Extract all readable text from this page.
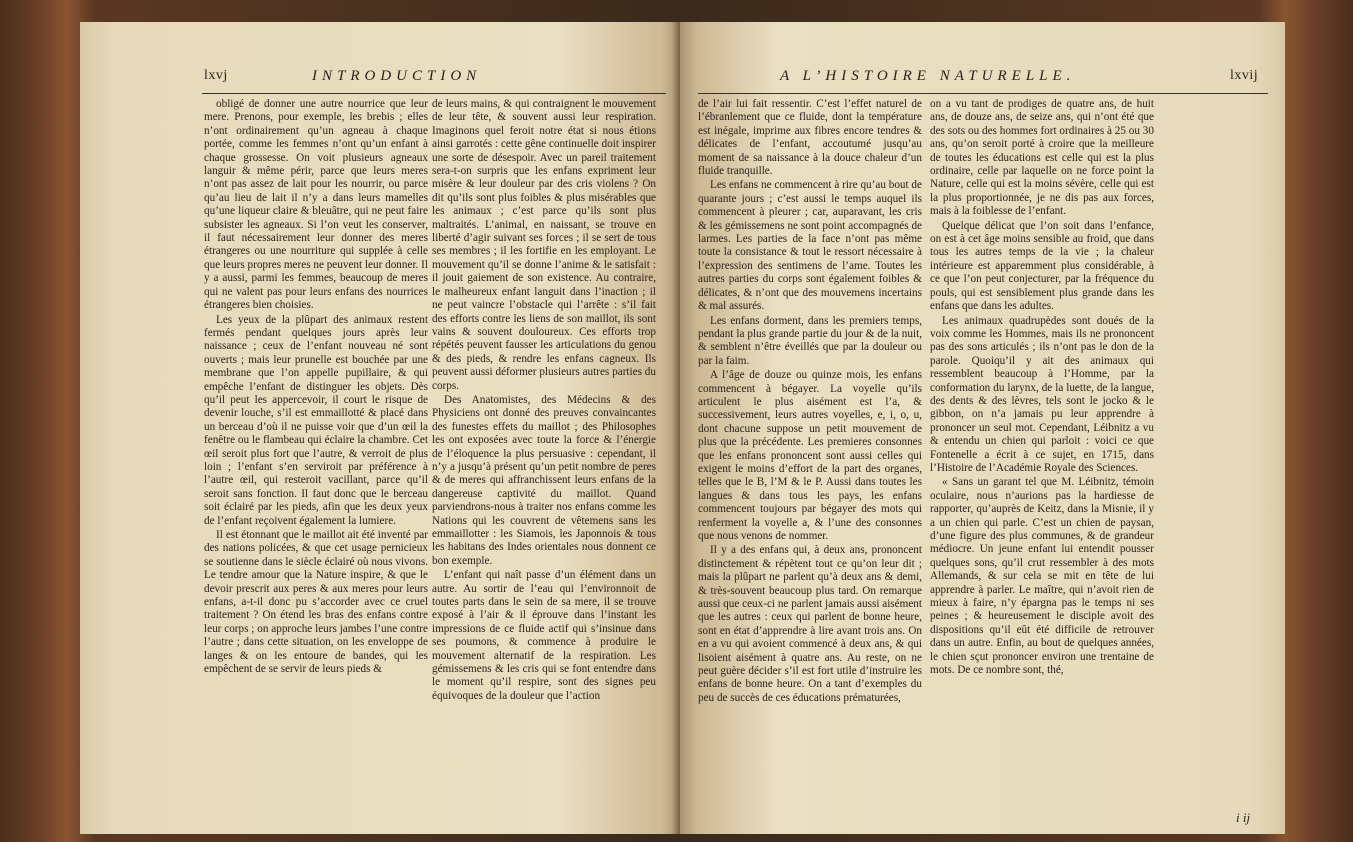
lxvj	INTRODUCTION

obligé de donner une autre nourrice que leur mere. Prenons, pour exemple, les brebis ; elles n’ont ordinairement qu’un agneau à chaque portée, comme les femmes n’ont qu’un enfant à chaque grossesse. On voit plusieurs agneaux languir & même périr, parce que leurs meres n’ont pas assez de lait pour les nourrir, ou parce qu’au lieu de lait il n’y a dans leurs mamelles qu’une liqueur claire & bleuâtre, qui ne peut faire subsister les agneaux. Si l’on veut les conserver, il faut nécessairement leur donner des meres étrangeres ou une nourriture qui supplée à celle que leurs propres meres ne peuvent leur donner. Il y a aussi, parmi les femmes, beaucoup de meres qui ne valent pas pour leurs enfans des nourrices étrangeres bien choisies.

Les yeux de la plûpart des animaux restent fermés pendant quelques jours après leur naissance ; ceux de l’enfant nouveau né sont ouverts ; mais leur prunelle est bouchée par une membrane que l’on appelle pupillaire, & qui empêche l’enfant de distinguer les objets. Dès qu’il peut les appercevoir, il court le risque de devenir louche, s’il est emmaillotté & placé dans un berceau d’où il ne puisse voir que d’un œil la fenêtre ou le flambeau qui éclaire la chambre. Cet œil seroit plus fort que l’autre, & verroit de plus loin ; l’enfant s’en serviroit par préférence à l’autre œil, qui resteroit vacillant, parce qu’il seroit sans fonction. Il faut donc que le berceau soit éclairé par les pieds, afin que les deux yeux de l’enfant reçoivent également la lumiere.

Il est étonnant que le maillot ait été inventé par des nations policées, & que cet usage pernicieux se soutienne dans le siècle éclairé où nous vivons. Le tendre amour que la Nature inspire, & que le devoir prescrit aux peres & aux meres pour leurs enfans, a-t-il donc pu s’accorder avec ce cruel traitement ? On étend les bras des enfans contre leur corps ; on approche leurs jambes l’une contre l’autre ; dans cette situation, on les enveloppe de langes & on les entoure de bandes, qui les empêchent de se servir de leurs pieds &

de leurs mains, & qui contraignent le mouvement de leur tête, & souvent aussi leur respiration. Imaginons quel feroit notre état si nous étions ainsi garrotés : cette gêne continuelle doit inspirer une sorte de désespoir. Avec un pareil traitement sera-t-on surpris que les enfans expriment leur misère & leur douleur par des cris violens ? On dit qu’ils sont plus foibles & plus misérables que les animaux ; c’est parce qu’ils sont plus maltraités. L’animal, en naissant, se trouve en liberté d’agir suivant ses forces ; il se sert de tous ses membres ; il les fortifie en les employant. Le mouvement qu’il se donne l’anime & le satisfait : il jouit gaiement de son existence. Au contraire, le malheureux enfant languit dans l’inaction ; il ne peut vaincre l’obstacle qui l’arrête : s’il fait des efforts contre les liens de son maillot, ils sont vains & souvent douloureux. Ces efforts trop répétés peuvent fausser les articulations du genou & des pieds, & rendre les enfans cagneux. Ils peuvent aussi déformer plusieurs autres parties du corps.

Des Anatomistes, des Médecins & des Physiciens ont donné des preuves convaincantes des funestes effets du maillot ; des Philosophes les ont exposées avec toute la force & l’énergie de l’éloquence la plus persuasive : cependant, il n’y a jusqu’à présent qu’un petit nombre de peres & de meres qui affranchissent leurs enfans de la dangereuse captivité du maillot. Quand parviendrons-nous à traiter nos enfans comme les Nations qui les couvrent de vêtemens sans les emmaillotter : les Siamois, les Japonnois & tous les habitans des Indes orientales nous donnent ce bon exemple.

L’enfant qui naît passe d’un élément dans un autre. Au sortir de l’eau qui l’environnoit de toutes parts dans le sein de sa mere, il se trouve exposé à l’air & il éprouve dans l’instant les impressions de ce fluide actif qui s’insinue dans ses poumons, & commence à produire le mouvement alternatif de la respiration. Les gémissemens & les cris qui se font entendre dans le moment qu’il respire, sont des signes peu équivoques de la douleur que l’action

A L’HISTOIRE NATURELLE.	lxvij

de l’air lui fait ressentir. C’est l’effet naturel de l’ébranlement que ce fluide, dont la température est inégale, imprime aux fibres encore tendres & délicates de l’enfant, accoutumé jusqu’au moment de sa naissance à la douce chaleur d’un fluide tranquille.

Les enfans ne commencent à rire qu’au bout de quarante jours ; c’est aussi le temps auquel ils commencent à pleurer ; car, auparavant, les cris & les gémissemens ne sont point accompagnés de larmes. Les parties de la face n’ont pas même toute la consistance & tout le ressort nécessaire à l’expression des sentimens de l’ame. Toutes les autres parties du corps sont également foibles & délicates, & n’ont que des mouvemens incertains & mal assurés.

Les enfans dorment, dans les premiers temps, pendant la plus grande partie du jour & de la nuit, & semblent n’être éveillés que par la douleur ou par la faim.

A l’âge de douze ou quinze mois, les enfans commencent à bégayer. La voyelle qu’ils articulent le plus aisément est l’a, & successivement, leurs autres voyelles, e, i, o, u, dont chacune suppose un petit mouvement de plus que la précédente. Les premieres consonnes que les enfans prononcent sont aussi celles qui exigent le moins d’effort de la part des organes, telles que le B, l’M & le P. Aussi dans toutes les langues & dans tous les pays, les enfans commencent toujours par bégayer des mots qui renferment la voyelle a, & l’une des consonnes que nous venons de nommer.

Il y a des enfans qui, à deux ans, prononcent distinctement & répètent tout ce qu’on leur dit ; mais la plûpart ne parlent qu’à deux ans & demi, & très-souvent beaucoup plus tard. On remarque aussi que ceux-ci ne parlent jamais aussi aisément que les autres : ceux qui parlent de bonne heure, sont en état d’apprendre à lire avant trois ans. On en a vu qui avoient commencé à deux ans, & qui lisoient aisément à quatre ans. Au reste, on ne peut guère décider s’il est fort utile d’instruire les enfans de bonne heure. On a tant d’exemples du peu de succès de ces éducations prématurées,

on a vu tant de prodiges de quatre ans, de huit ans, de douze ans, de seize ans, qui n’ont été que des sots ou des hommes fort ordinaires à 25 ou 30 ans, qu’on seroit porté à croire que la meilleure de toutes les éducations est celle qui est la plus ordinaire, celle par laquelle on ne force point la Nature, celle qui est la moins sévère, celle qui est la plus proportionnée, je ne dis pas aux forces, mais à la foiblesse de l’enfant.

Quelque délicat que l’on soit dans l’enfance, on est à cet âge moins sensible au froid, que dans tous les autres temps de la vie ; la chaleur intérieure est apparemment plus considérable, à ce que l’on peut conjecturer, par la fréquence du pouls, qui est sensiblement plus grande dans les enfans que dans les adultes.

Les animaux quadrupèdes sont doués de la voix comme les Hommes, mais ils ne prononcent pas des sons articulés ; ils n’ont pas le don de la parole. Quoiqu’il y ait des animaux qui ressemblent beaucoup à l’Homme, par la conformation du larynx, de la luette, de la langue, des dents & des lèvres, tels sont le jocko & le gibbon, on n’a jamais pu leur apprendre à prononcer un seul mot. Cependant, Léibnitz a vu & entendu un chien qui parloit : voici ce que Fontenelle a écrit à ce sujet, en 1715, dans l’Histoire de l’Académie Royale des Sciences.

« Sans un garant tel que M. Léibnitz, témoin oculaire, nous n’aurions pas la hardiesse de rapporter, qu’auprès de Keitz, dans la Misnie, il y a un chien qui parle. C’est un chien de paysan, d’une figure des plus communes, & de grandeur médiocre. Un jeune enfant lui entendit pousser quelques sons, qu’il crut ressembler à des mots Allemands, & sur cela se mit en tête de lui apprendre à parler. Le maître, qui n’avoit rien de mieux à faire, n’y épargna pas le temps ni ses peines ; & heureusement le disciple avoit des dispositions qu’il eût été difficile de retrouver dans un autre. Enfin, au bout de quelques années, le chien sçut prononcer environ une trentaine de mots. De ce nombre sont, thé,

i ij
